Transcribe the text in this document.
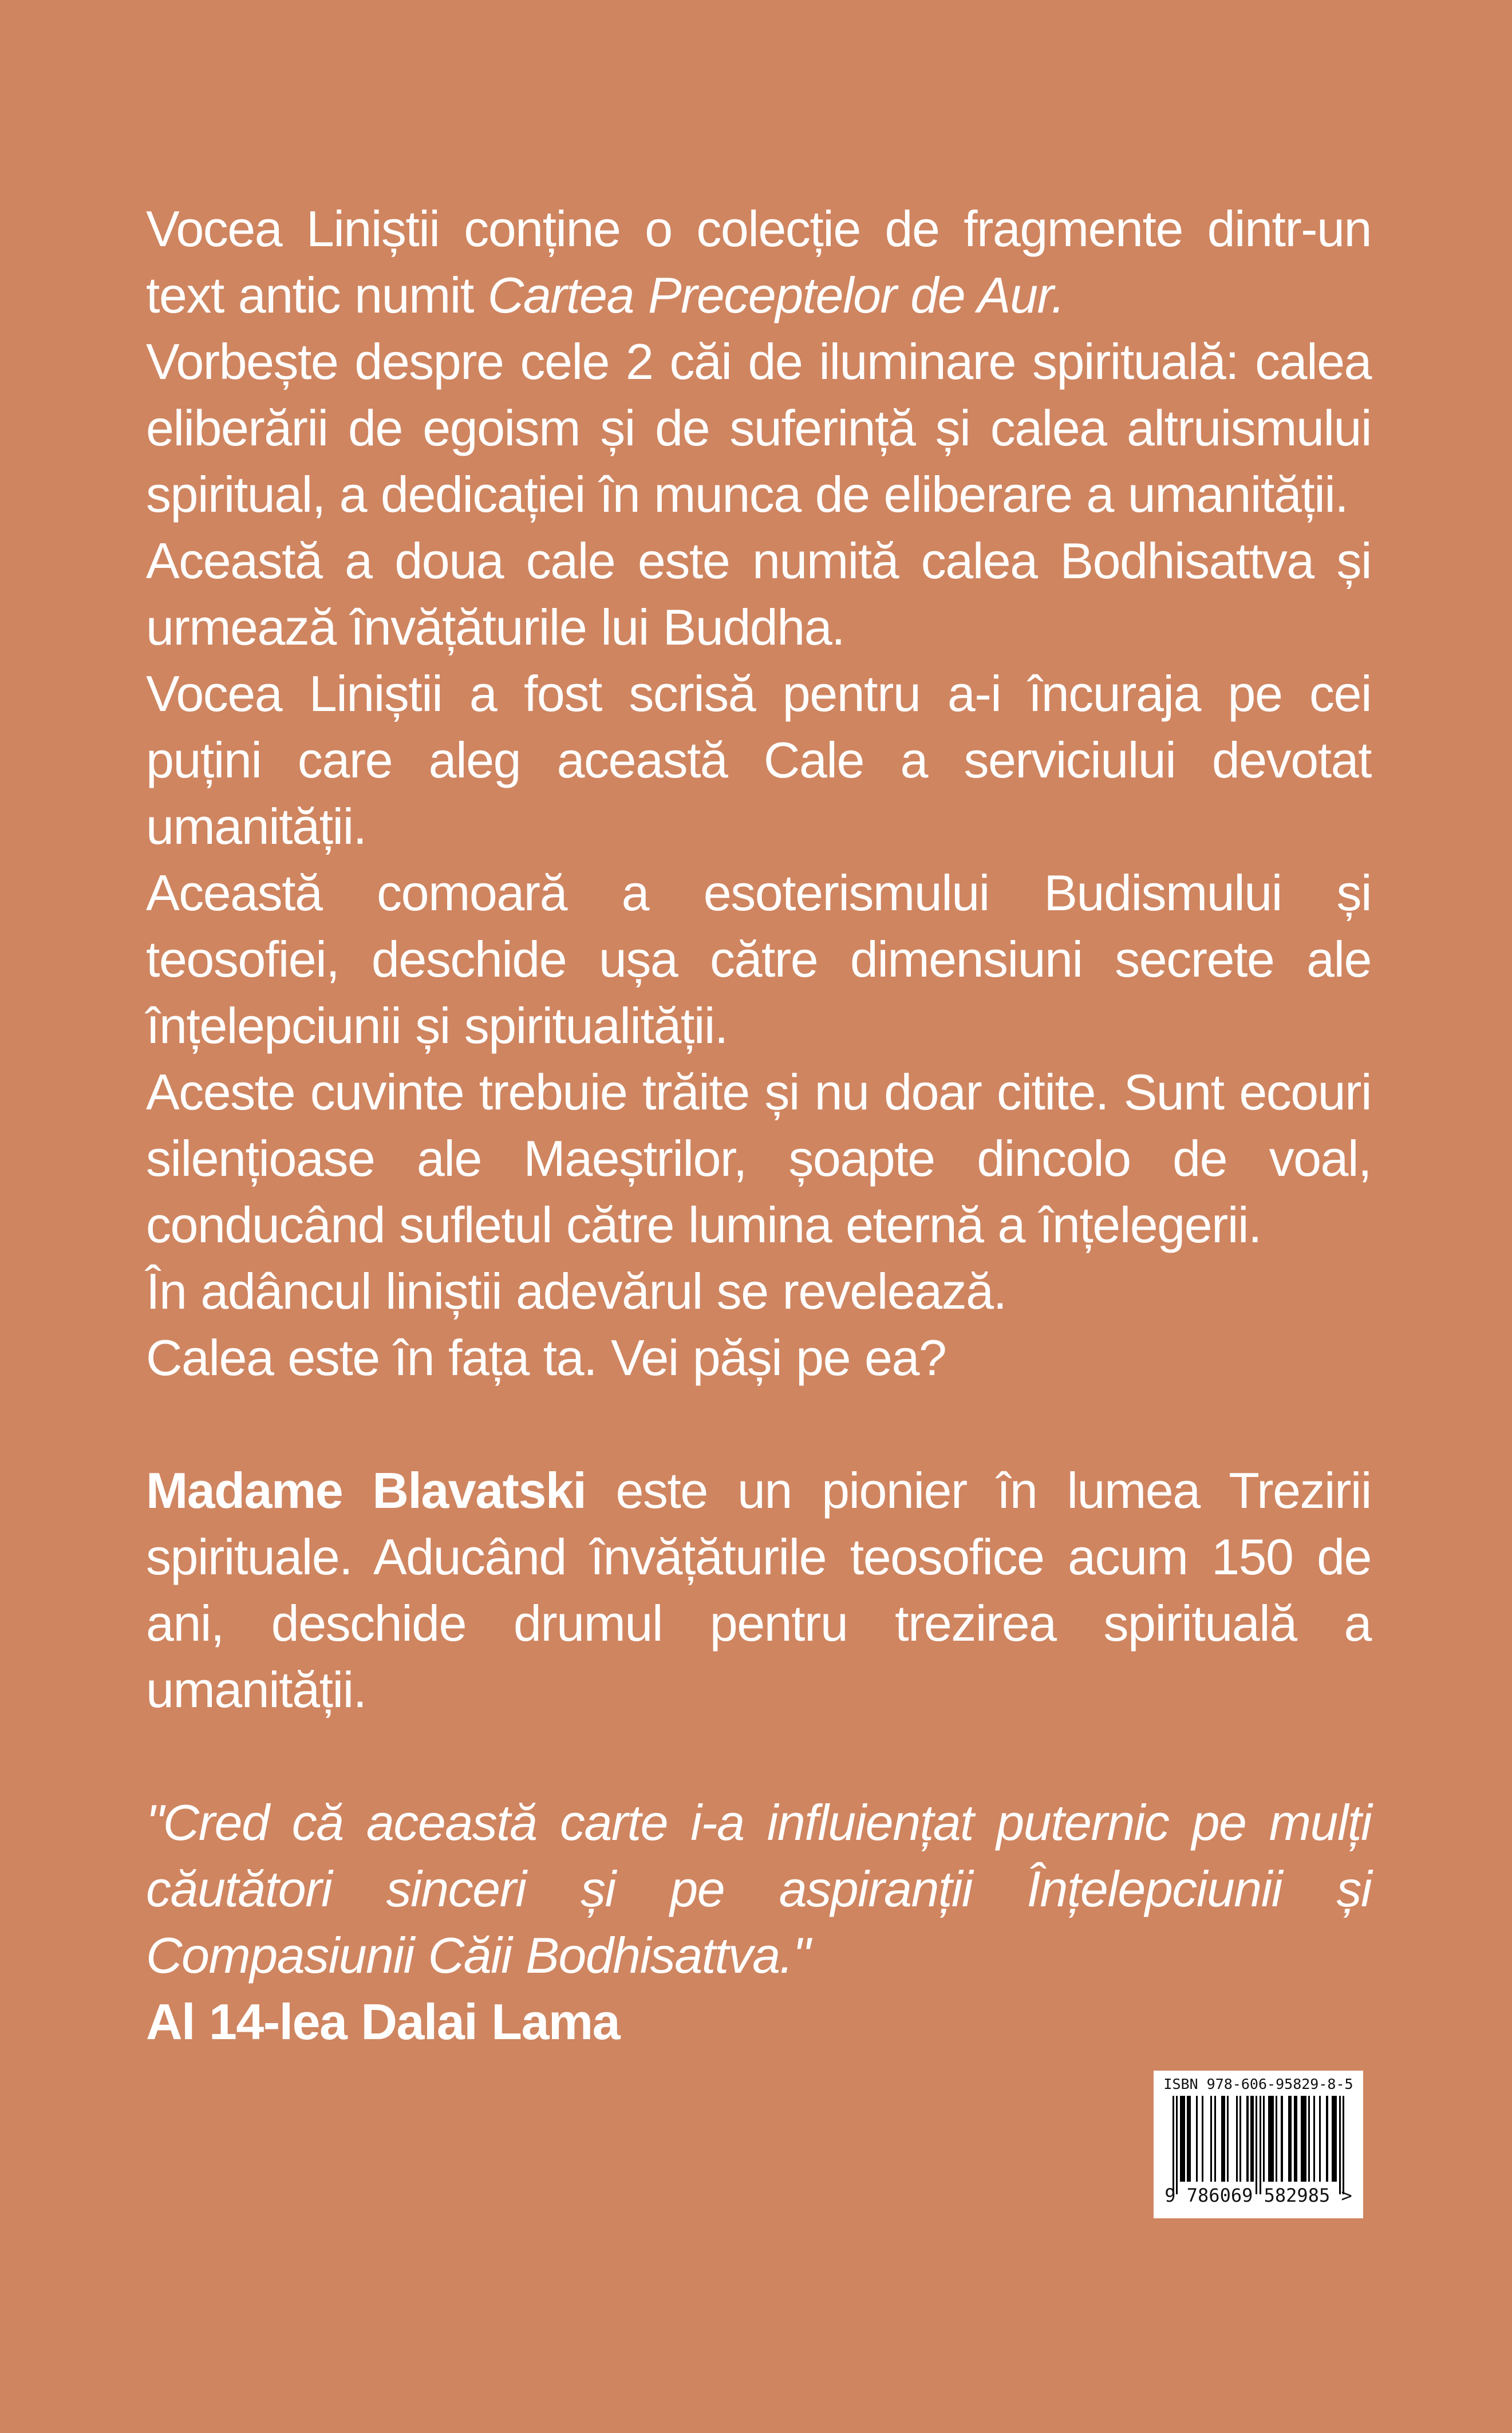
Vocea Liniștii conține o colecție de fragmente dintr-un text antic numit Cartea Preceptelor de Aur.

Vorbește despre cele 2 căi de iluminare spirituală: calea eliberării de egoism și de suferință și calea altruismului spiritual, a dedicației în munca de eliberare a umanității.

Această a doua cale este numită calea Bodhisattva și urmează învățăturile lui Buddha.

Vocea Liniștii a fost scrisă pentru a-i încuraja pe cei puțini care aleg această Cale a serviciului devotat umanității.

Această comoară a esoterismului Budismului și teosofiei, deschide ușa către dimensiuni secrete ale înțelepciunii și spiritualității.

Aceste cuvinte trebuie trăite și nu doar citite. Sunt ecouri silențioase ale Maeștrilor, șoapte dincolo de voal, conducând sufletul către lumina eternă a înțelegerii.

În adâncul liniștii adevărul se revelează.

Calea este în fața ta. Vei păși pe ea?

Madame Blavatski este un pionier în lumea Trezirii spirituale. Aducând învățăturile teosofice acum 150 de ani, deschide drumul pentru trezirea spirituală a umanității.

"Cred că această carte i-a influiențat puternic pe mulți căutători sinceri și pe aspiranții Înțelepciunii și Compasiunii Căii Bodhisattva."

Al 14-lea Dalai Lama

ISBN 978-606-95829-8-5
9 786069 582985 >
